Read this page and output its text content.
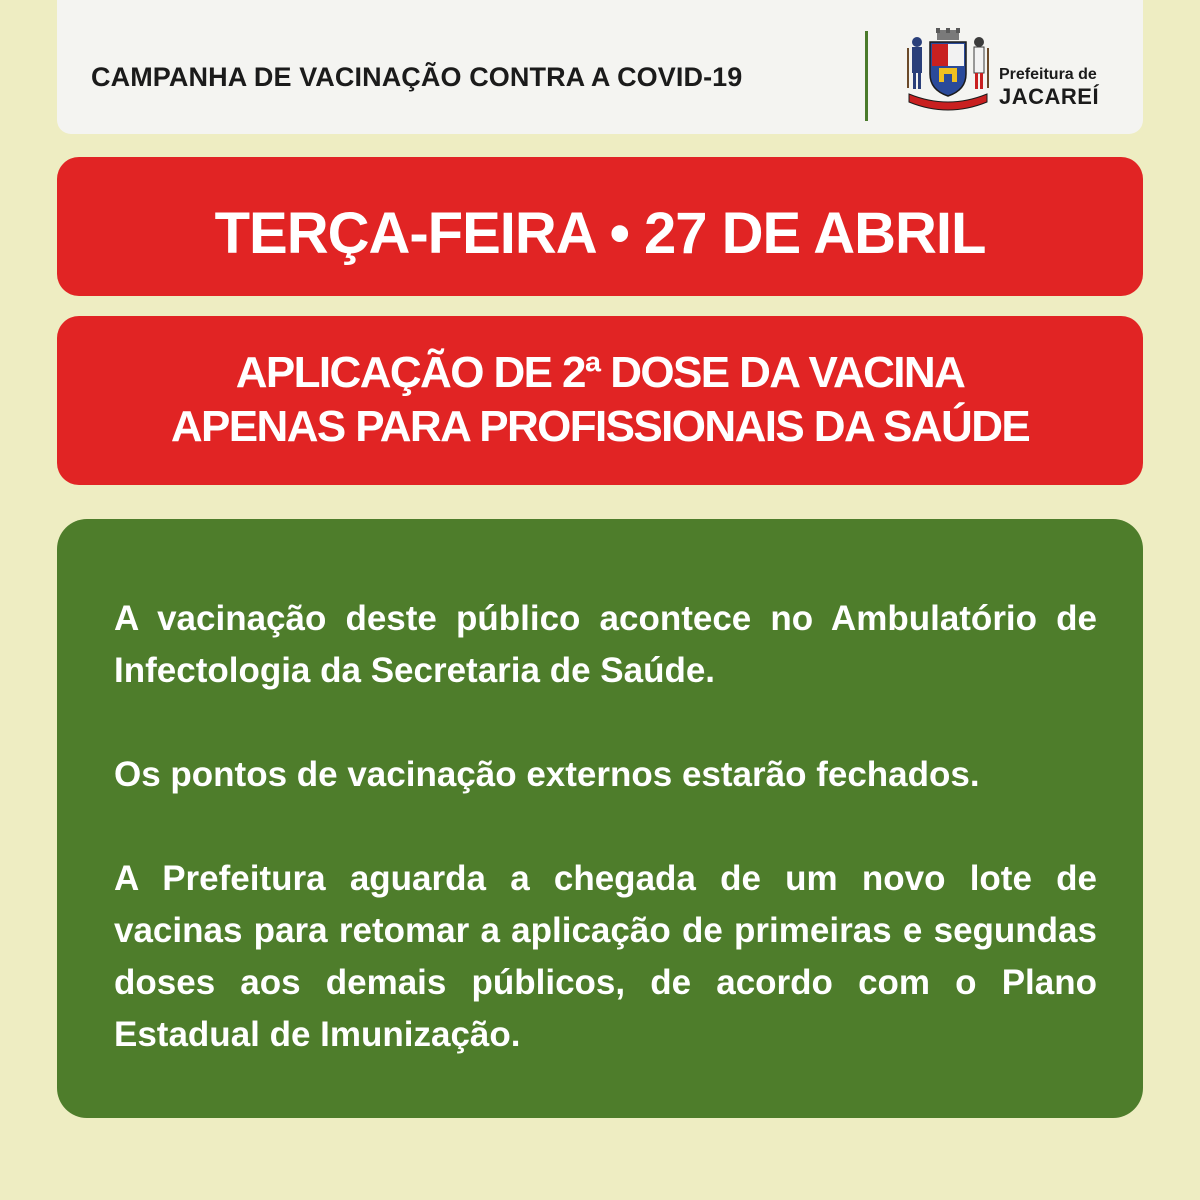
CAMPANHA DE VACINAÇÃO CONTRA A COVID-19	Prefeitura de
JACAREÍ
TERÇA-FEIRA • 27 DE ABRIL
APLICAÇÃO DE 2ª DOSE DA VACINA
APENAS PARA PROFISSIONAIS DA SAÚDE
A vacinação deste público acontece no Ambulatório de Infectologia da Secretaria de Saúde.
Os pontos de vacinação externos estarão fechados.
A Prefeitura aguarda a chegada de um novo lote de vacinas para retomar a aplicação de primeiras e segundas doses aos demais públicos, de acordo com o Plano Estadual de Imunização.
